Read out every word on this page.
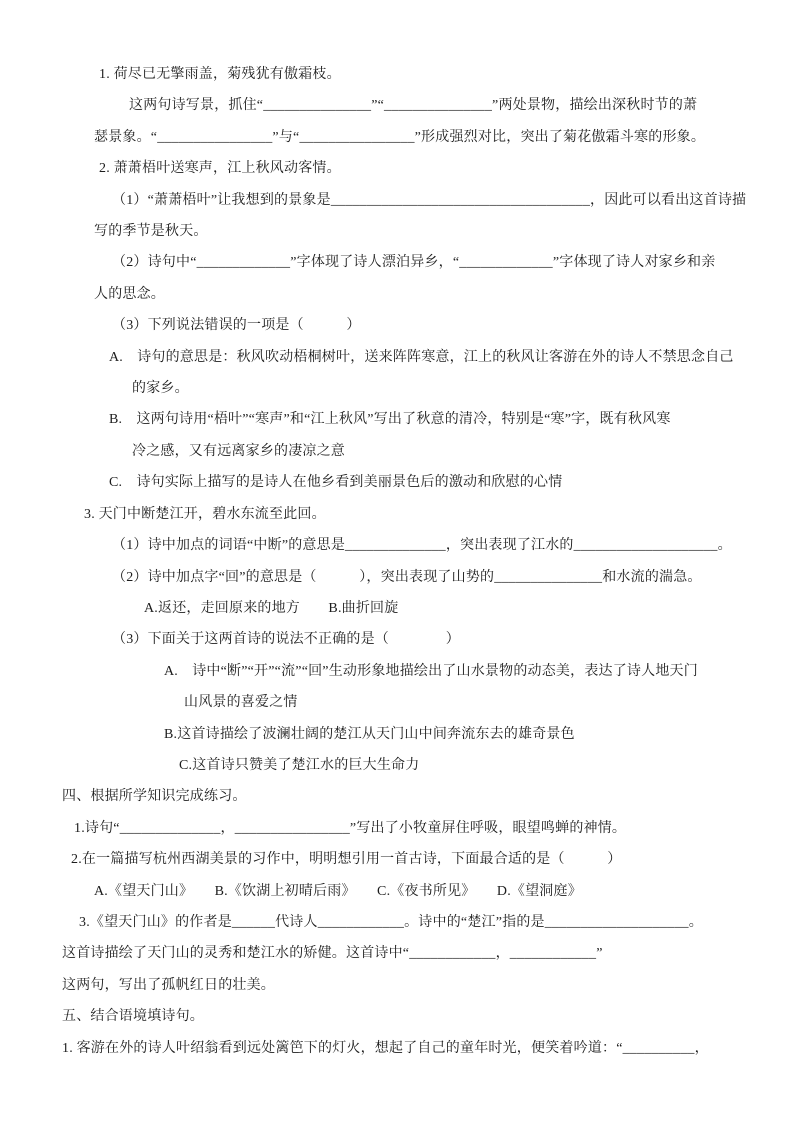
1. 荷尽已无擎雨盖，菊残犹有傲霜枝。
这两句诗写景，抓住“_______________”“_______________”两处景物，描绘出深秋时节的萧
瑟景象。“________________”与“________________”形成强烈对比，突出了菊花傲霜斗寒的形象。
2. 萧萧梧叶送寒声，江上秋风动客情。
（1）“萧萧梧叶”让我想到的景象是____________________________________，因此可以看出这首诗描
写的季节是秋天。
（2）诗句中“_____________”字体现了诗人漂泊异乡，“_____________”字体现了诗人对家乡和亲
人的思念。
（3）下列说法错误的一项是（　　　）
A.　诗句的意思是：秋风吹动梧桐树叶，送来阵阵寒意，江上的秋风让客游在外的诗人不禁思念自己
的家乡。
B.　这两句诗用“梧叶”“寒声”和“江上秋风”写出了秋意的清冷，特别是“寒”字，既有秋风寒
冷之感，又有远离家乡的凄凉之意
C.　诗句实际上描写的是诗人在他乡看到美丽景色后的激动和欣慰的心情
3. 天门中断楚江开，碧水东流至此回。
（1）诗中加点的词语“中断”的意思是______________，突出表现了江水的____________________。
（2）诗中加点字“回”的意思是（　　　），突出表现了山势的_______________和水流的湍急。
A.返还，走回原来的地方　　B.曲折回旋
（3）下面关于这两首诗的说法不正确的是（　　　　）
A.　诗中“断”“开”“流”“回”生动形象地描绘出了山水景物的动态美，表达了诗人地天门
山风景的喜爱之情
B.这首诗描绘了波澜壮阔的楚江从天门山中间奔流东去的雄奇景色
C.这首诗只赞美了楚江水的巨大生命力
四、根据所学知识完成练习。
1.诗句“______________，________________”写出了小牧童屏住呼吸，眼望鸣蝉的神情。
2.在一篇描写杭州西湖美景的习作中，明明想引用一首古诗，下面最合适的是（　　　）
A.《望天门山》　　B.《饮湖上初晴后雨》　　C.《夜书所见》　　D.《望洞庭》
3.《望天门山》的作者是______代诗人____________。诗中的“楚江”指的是____________________。
这首诗描绘了天门山的灵秀和楚江水的矫健。这首诗中“____________，____________”
这两句，写出了孤帆红日的壮美。
五、结合语境填诗句。
1. 客游在外的诗人叶绍翁看到远处篱笆下的灯火，想起了自己的童年时光，便笑着吟道：“__________，
